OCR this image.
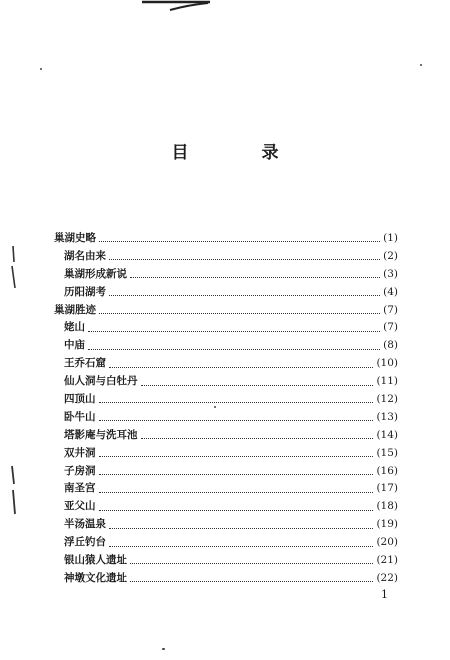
目　录
巢湖史略	(1)
湖名由来	(2)
巢湖形成新说	(3)
历阳湖考	(4)
巢湖胜迹	(7)
姥山	(7)
中庙	(8)
王乔石窟	(10)
仙人洞与白牡丹	(11)
四顶山	(12)
卧牛山	(13)
塔影庵与洗耳池	(14)
双井洞	(15)
子房洞	(16)
南圣宫	(17)
亚父山	(18)
半汤温泉	(19)
浮丘钓台	(20)
银山猿人遗址	(21)
神墩文化遗址	(22)
1
